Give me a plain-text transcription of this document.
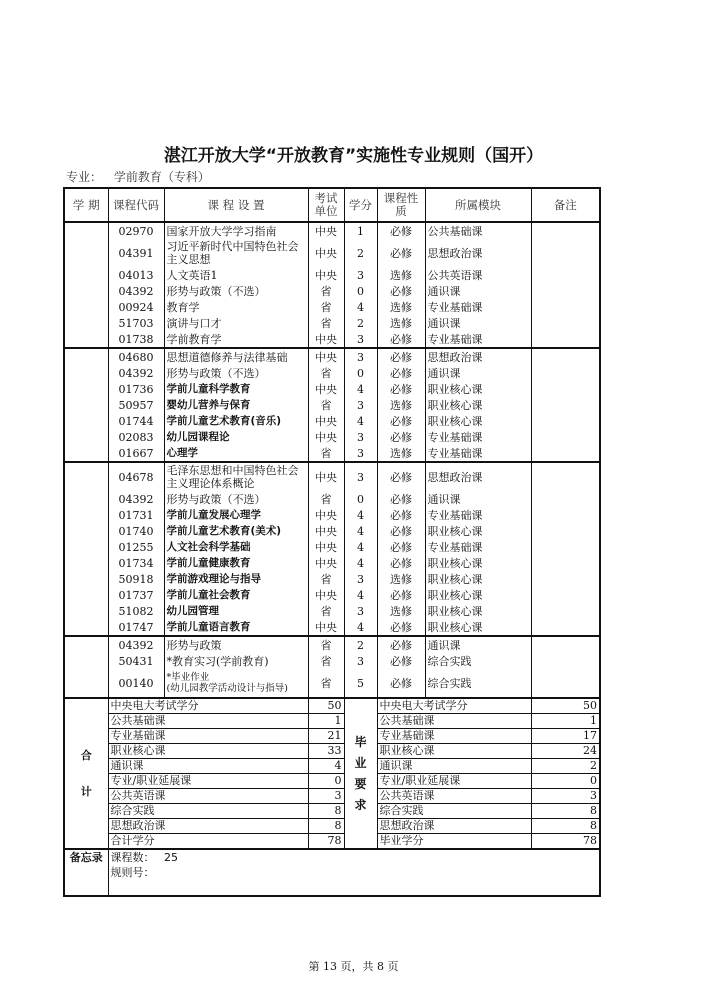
湛江开放大学“开放教育”实施性专业规则（国开）
专业： 学前教育（专科）
学 期	课程代码	课 程 设 置	考试单位	学分	课程性质	所属模块	备注
	02970	国家开放大学学习指南	中央	1	必修	公共基础课	
	04391	习近平新时代中国特色社会主义思想	中央	2	必修	思想政治课	
	04013	人文英语1	中央	3	选修	公共英语课	
	04392	形势与政策（不选）	省	0	必修	通识课	
	00924	教育学	省	4	选修	专业基础课	
	51703	演讲与口才	省	2	选修	通识课	
	01738	学前教育学	中央	3	必修	专业基础课	
	04680	思想道德修养与法律基础	中央	3	必修	思想政治课	
	04392	形势与政策（不选）	省	0	必修	通识课	
	01736	学前儿童科学教育	中央	4	必修	职业核心课	
	50957	婴幼儿营养与保育	省	3	选修	职业核心课	
	01744	学前儿童艺术教育(音乐)	中央	4	必修	职业核心课	
	02083	幼儿园课程论	中央	3	必修	专业基础课	
	01667	心理学	省	3	选修	专业基础课	
	04678	毛泽东思想和中国特色社会主义理论体系概论	中央	3	必修	思想政治课	
	04392	形势与政策（不选）	省	0	必修	通识课	
	01731	学前儿童发展心理学	中央	4	必修	专业基础课	
	01740	学前儿童艺术教育(美术)	中央	4	必修	职业核心课	
	01255	人文社会科学基础	中央	4	必修	专业基础课	
	01734	学前儿童健康教育	中央	4	必修	职业核心课	
	50918	学前游戏理论与指导	省	3	选修	职业核心课	
	01737	学前儿童社会教育	中央	4	必修	职业核心课	
	51082	幼儿园管理	省	3	选修	职业核心课	
	01747	学前儿童语言教育	中央	4	必修	职业核心课	
	04392	形势与政策	省	2	必修	通识课	
	50431	*教育实习(学前教育)	省	3	必修	综合实践	
	00140	*毕业作业
(幼儿园教学活动设计与指导)	省	5	必修	综合实践	
合计	中央电大考试学分		50	毕业要求	中央电大考试学分		50
	公共基础课		1		公共基础课		1
	专业基础课		21		专业基础课		17
	职业核心课		33		职业核心课		24
	通识课		4		通识课		2
	专业/职业延展课		0		专业/职业延展课		0
	公共英语课		3		公共英语课		3
	综合实践		8		综合实践		8
	思想政治课		8		思想政治课		8
	合计学分		78		毕业学分		78
备忘录	课程数： 25
规则号：						
第 13 页，共 8 页
